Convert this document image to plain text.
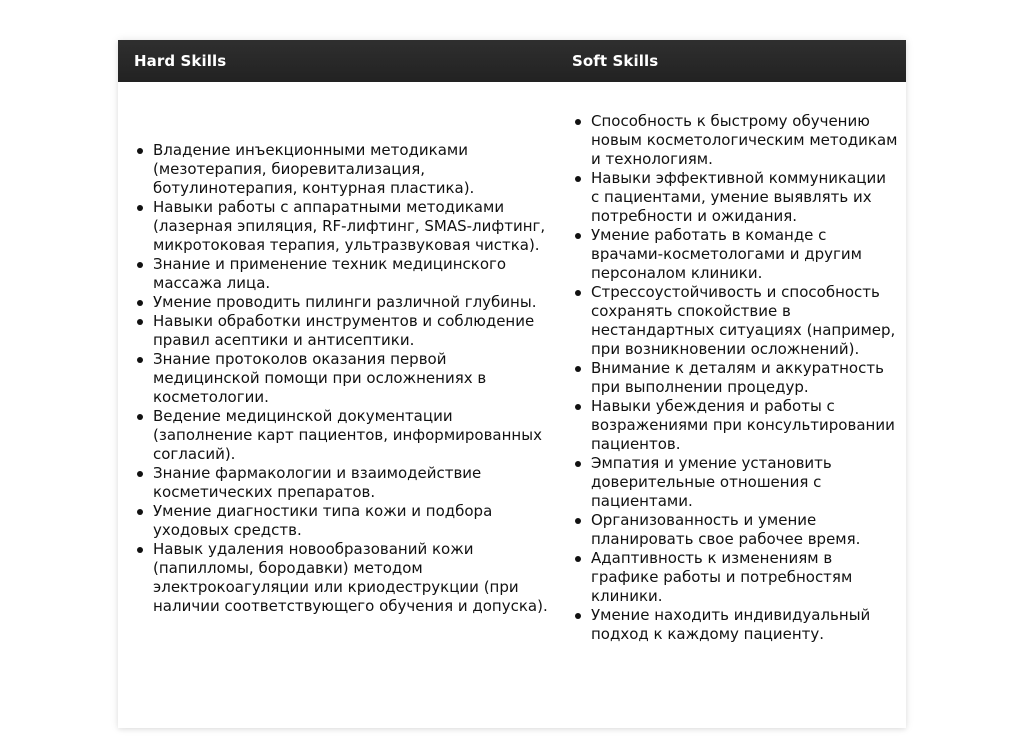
Hard Skills	Soft Skills
Владение инъекционными методиками (мезотерапия, биоревитализация, ботулинотерапия, контурная пластика).
Навыки работы с аппаратными методиками (лазерная эпиляция, RF-лифтинг, SMAS-лифтинг, микротоковая терапия, ультразвуковая чистка).
Знание и применение техник медицинского массажа лица.
Умение проводить пилинги различной глубины.
Навыки обработки инструментов и соблюдение правил асептики и антисептики.
Знание протоколов оказания первой медицинской помощи при осложнениях в косметологии.
Ведение медицинской документации (заполнение карт пациентов, информированных согласий).
Знание фармакологии и взаимодействие косметических препаратов.
Умение диагностики типа кожи и подбора уходовых средств.
Навык удаления новообразований кожи (папилломы, бородавки) методом электрокоагуляции или криодеструкции (при наличии соответствующего обучения и допуска).
Способность к быстрому обучению новым косметологическим методикам и технологиям.
Навыки эффективной коммуникации с пациентами, умение выявлять их потребности и ожидания.
Умение работать в команде с врачами-косметологами и другим персоналом клиники.
Стрессоустойчивость и способность сохранять спокойствие в нестандартных ситуациях (например, при возникновении осложнений).
Внимание к деталям и аккуратность при выполнении процедур.
Навыки убеждения и работы с возражениями при консультировании пациентов.
Эмпатия и умение установить доверительные отношения с пациентами.
Организованность и умение планировать свое рабочее время.
Адаптивность к изменениям в графике работы и потребностям клиники.
Умение находить индивидуальный подход к каждому пациенту.
